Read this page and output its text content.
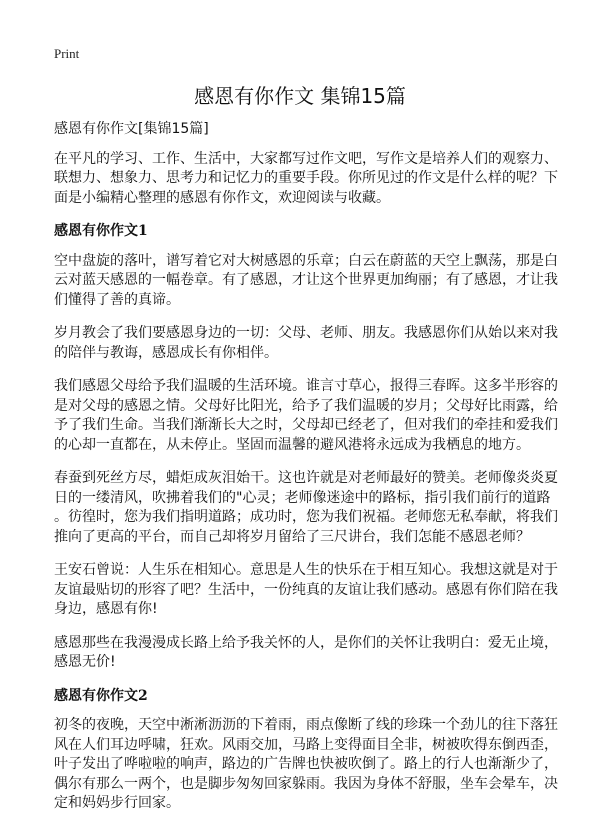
Print
感恩有你作文 集锦15篇
感恩有你作文[集锦15篇]
在平凡的学习、工作、生活中，大家都写过作文吧，写作文是培养人们的观察力、
联想力、想象力、思考力和记忆力的重要手段。你所见过的作文是什么样的呢？下
面是小编精心整理的感恩有你作文，欢迎阅读与收藏。
感恩有你作文1
空中盘旋的落叶，谱写着它对大树感恩的乐章；白云在蔚蓝的天空上飘荡，那是白
云对蓝天感恩的一幅卷章。有了感恩，才让这个世界更加绚丽；有了感恩，才让我
们懂得了善的真谛。
岁月教会了我们要感恩身边的一切：父母、老师、朋友。我感恩你们从始以来对我
的陪伴与教诲，感恩成长有你相伴。
我们感恩父母给予我们温暖的生活环境。谁言寸草心，报得三春晖。这多半形容的
是对父母的感恩之情。父母好比阳光，给予了我们温暖的岁月；父母好比雨露，给
予了我们生命。当我们渐渐长大之时，父母却已经老了，但对我们的牵挂和爱我们
的心却一直都在，从未停止。坚固而温馨的避风港将永远成为我栖息的地方。
春蚕到死丝方尽，蜡炬成灰泪始干。这也许就是对老师最好的赞美。老师像炎炎夏
日的一缕清风，吹拂着我们的"心灵；老师像迷途中的路标，指引我们前行的道路
。彷徨时，您为我们指明道路；成功时，您为我们祝福。老师您无私奉献，将我们
推向了更高的平台，而自己却将岁月留给了三尺讲台，我们怎能不感恩老师？
王安石曾说：人生乐在相知心。意思是人生的快乐在于相互知心。我想这就是对于
友谊最贴切的形容了吧？生活中，一份纯真的友谊让我们感动。感恩有你们陪在我
身边，感恩有你!
感恩那些在我漫漫成长路上给予我关怀的人，是你们的关怀让我明白：爱无止境，
感恩无价!
感恩有你作文2
初冬的夜晚，天空中淅淅沥沥的下着雨，雨点像断了线的珍珠一个劲儿的往下落狂
风在人们耳边呼啸，狂欢。风雨交加，马路上变得面目全非，树被吹得东倒西歪，
叶子发出了哗啦啦的响声，路边的广告牌也快被吹倒了。路上的行人也渐渐少了，
偶尔有那么一两个，也是脚步匆匆回家躲雨。我因为身体不舒服，坐车会晕车，决
定和妈妈步行回家。
